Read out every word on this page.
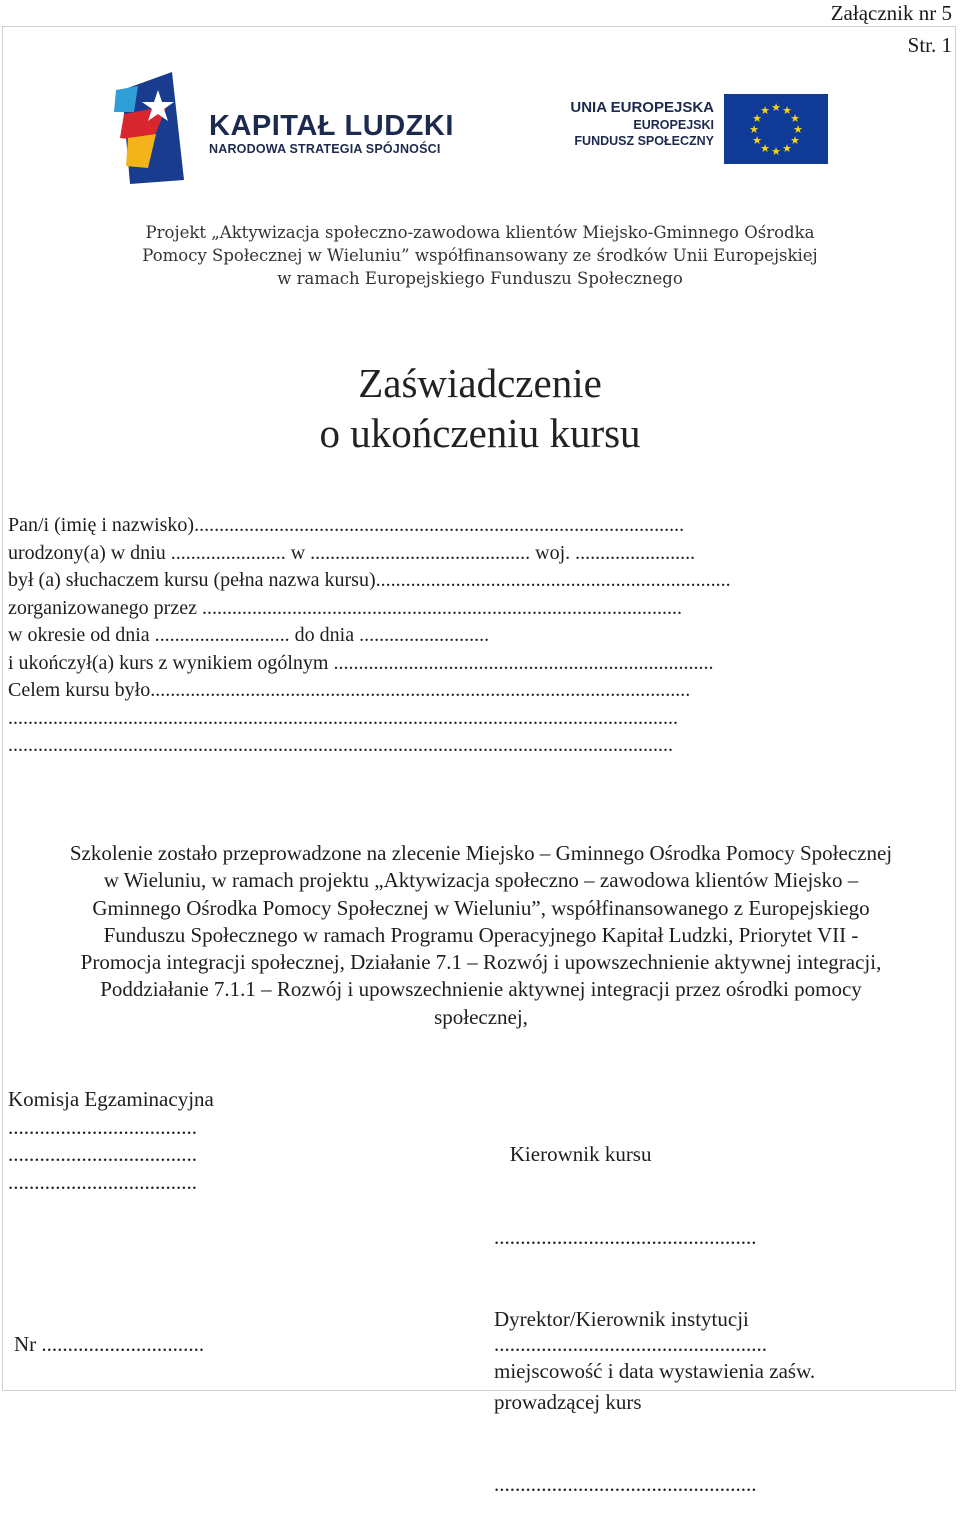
Załącznik nr 5
Str. 1
KAPITAŁ LUDZKI
NARODOWA STRATEGIA SPÓJNOŚCI
UNIA EUROPEJSKA
EUROPEJSKI
FUNDUSZ SPOŁECZNY
★ ★
★
★
★
★
★
★
★
★
★
★
Projekt „Aktywizacja społeczno-zawodowa klientów Miejsko-Gminnego Ośrodka
Pomocy Społecznej w Wieluniu” współfinansowany ze środków Unii Europejskiej
w ramach Europejskiego Funduszu Społecznego
Zaświadczenie
o ukończeniu kursu
Pan/i (imię i nazwisko)..................................................................................................
urodzony(a) w dniu ....................... w ............................................ woj. ........................
był (a) słuchaczem kursu (pełna nazwa kursu).......................................................................
zorganizowanego przez ................................................................................................
w okresie od dnia ........................... do dnia ..........................
i ukończył(a) kurs z wynikiem ogólnym ............................................................................
Celem kursu było............................................................................................................
......................................................................................................................................
.....................................................................................................................................
Szkolenie zostało przeprowadzone na zlecenie Miejsko – Gminnego Ośrodka Pomocy Społecznej
w Wieluniu, w ramach projektu „Aktywizacja społeczno – zawodowa klientów Miejsko –
Gminnego Ośrodka Pomocy Społecznej w Wieluniu”, współfinansowanego z Europejskiego
Funduszu Społecznego w ramach Programu Operacyjnego Kapitał Ludzki, Priorytet VII -
Promocja integracji społecznej, Działanie 7.1 – Rozwój i upowszechnienie aktywnej integracji,
Poddziałanie 7.1.1 – Rozwój i upowszechnienie aktywnej integracji przez ośrodki pomocy
społecznej,
Komisja Egzaminacyjna
....................................
....................................
....................................

Kierownik kursu

..................................................

Dyrektor/Kierownik instytucji

prowadzącej kurs

..................................................

Nr ...............................	....................................................
miejscowość i data wystawienia zaśw.
